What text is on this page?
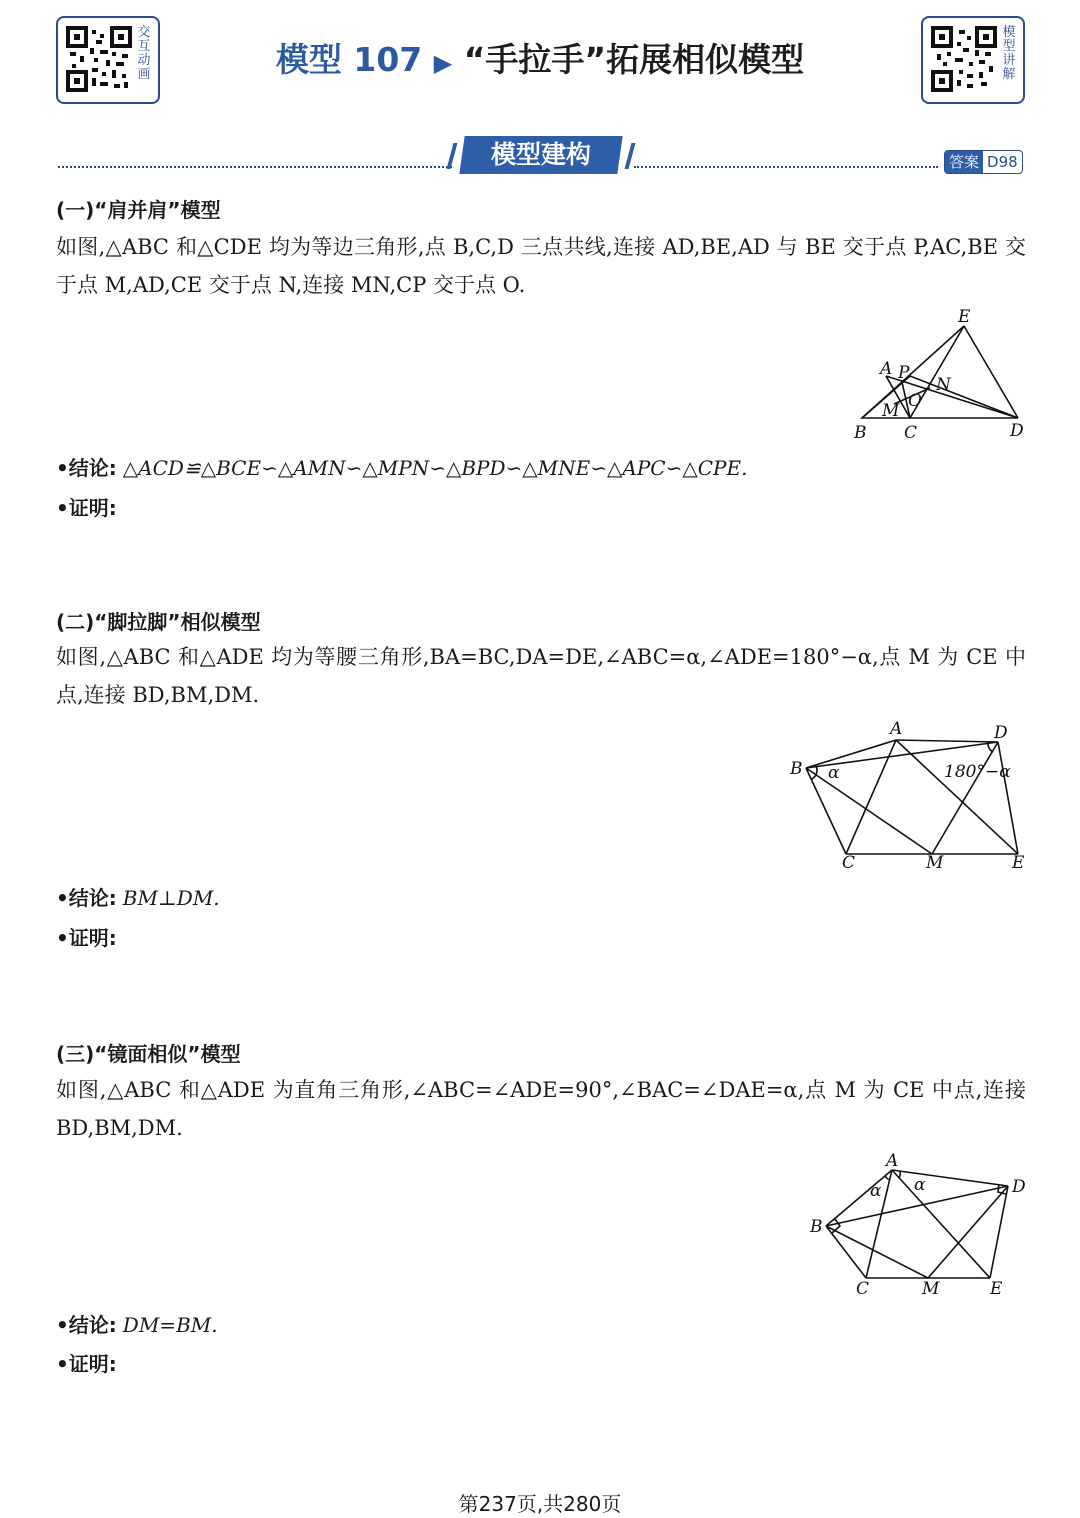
交互动画
模型讲解
模型 107 ▶ “手拉手”拓展相似模型
模型建构	答案 D98
(一)“肩并肩”模型
如图,△ABC 和△CDE 均为等边三角形,点 B,C,D 三点共线,连接 AD,BE,AD 与 BE 交于点 P,AC,BE 交于点 M,AD,CE 交于点 N,连接 MN,CP 交于点 O.
E
A P
N
M O
B C	D
•结论: △ACD≌△BCE∽△AMN∽△MPN∽△BPD∽△MNE∽△APC∽△CPE.
•证明:
(二)“脚拉脚”相似模型
如图,△ABC 和△ADE 均为等腰三角形,BA=BC,DA=DE,∠ABC=α,∠ADE=180°−α,点 M 为 CE 中点,连接 BD,BM,DM.
A	D
B α	180°−α
C	M	E
•结论: BM⊥DM.
•证明:
(三)“镜面相似”模型
如图,△ABC 和△ADE 为直角三角形,∠ABC=∠ADE=90°,∠BAC=∠DAE=α,点 M 为 CE 中点,连接 BD,BM,DM.
A
α α	D
B
C	M	E
•结论: DM=BM.
•证明:
第237页,共280页
